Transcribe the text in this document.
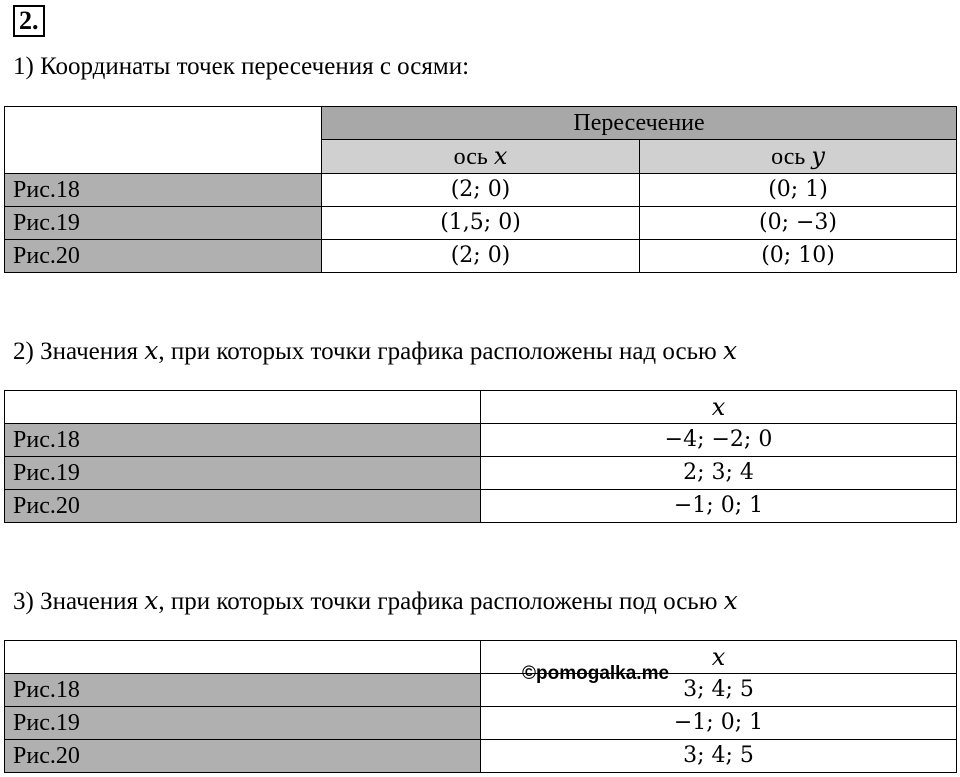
2.
1) Координаты точек пересечения с осями:
	Пересечение	
	ось x	ось y
Рис.18	(2; 0)	(0; 1)
Рис.19	(1,5; 0)	(0; −3)
Рис.20	(2; 0)	(0; 10)
2) Значения x, при которых точки графика расположены над осью x
	x
Рис.18	−4; −2; 0
Рис.19	2; 3; 4
Рис.20	−1; 0; 1
3) Значения x, при которых точки графика расположены под осью x
	x
Рис.18	3; 4; 5
Рис.19	−1; 0; 1
Рис.20	3; 4; 5
©pomogalka.me
